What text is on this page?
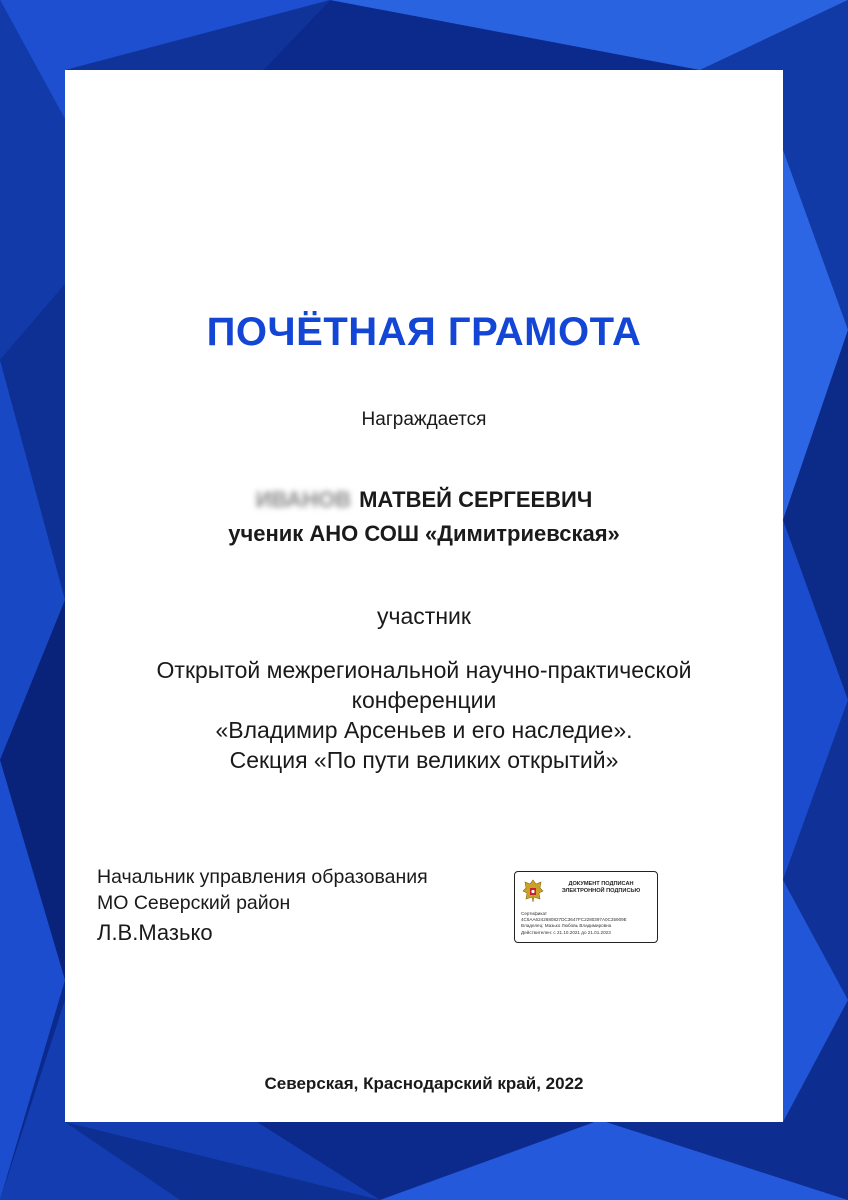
ПОЧЁТНАЯ ГРАМОТА
Награждается
ИВАНОВ МАТВЕЙ СЕРГЕЕВИЧ
ученик АНО СОШ «Димитриевская»
участник
Открытой межрегиональной научно-практической
конференции
«Владимир Арсеньев и его наследие».
Секция «По пути великих открытий»
Начальник управления образования
МО Северский район
Л.В.Мазько
ДОКУМЕНТ ПОДПИСАН
ЭЛЕКТРОННОЙ ПОДПИСЬЮ
Сертификат
4C6AA6242680827DC3647FC2280397A0C35909E
Владелец: Мазько Любовь Владимировна
Действителен: с 21.10.2021 до 21.01.2023
Северская, Краснодарский край, 2022
